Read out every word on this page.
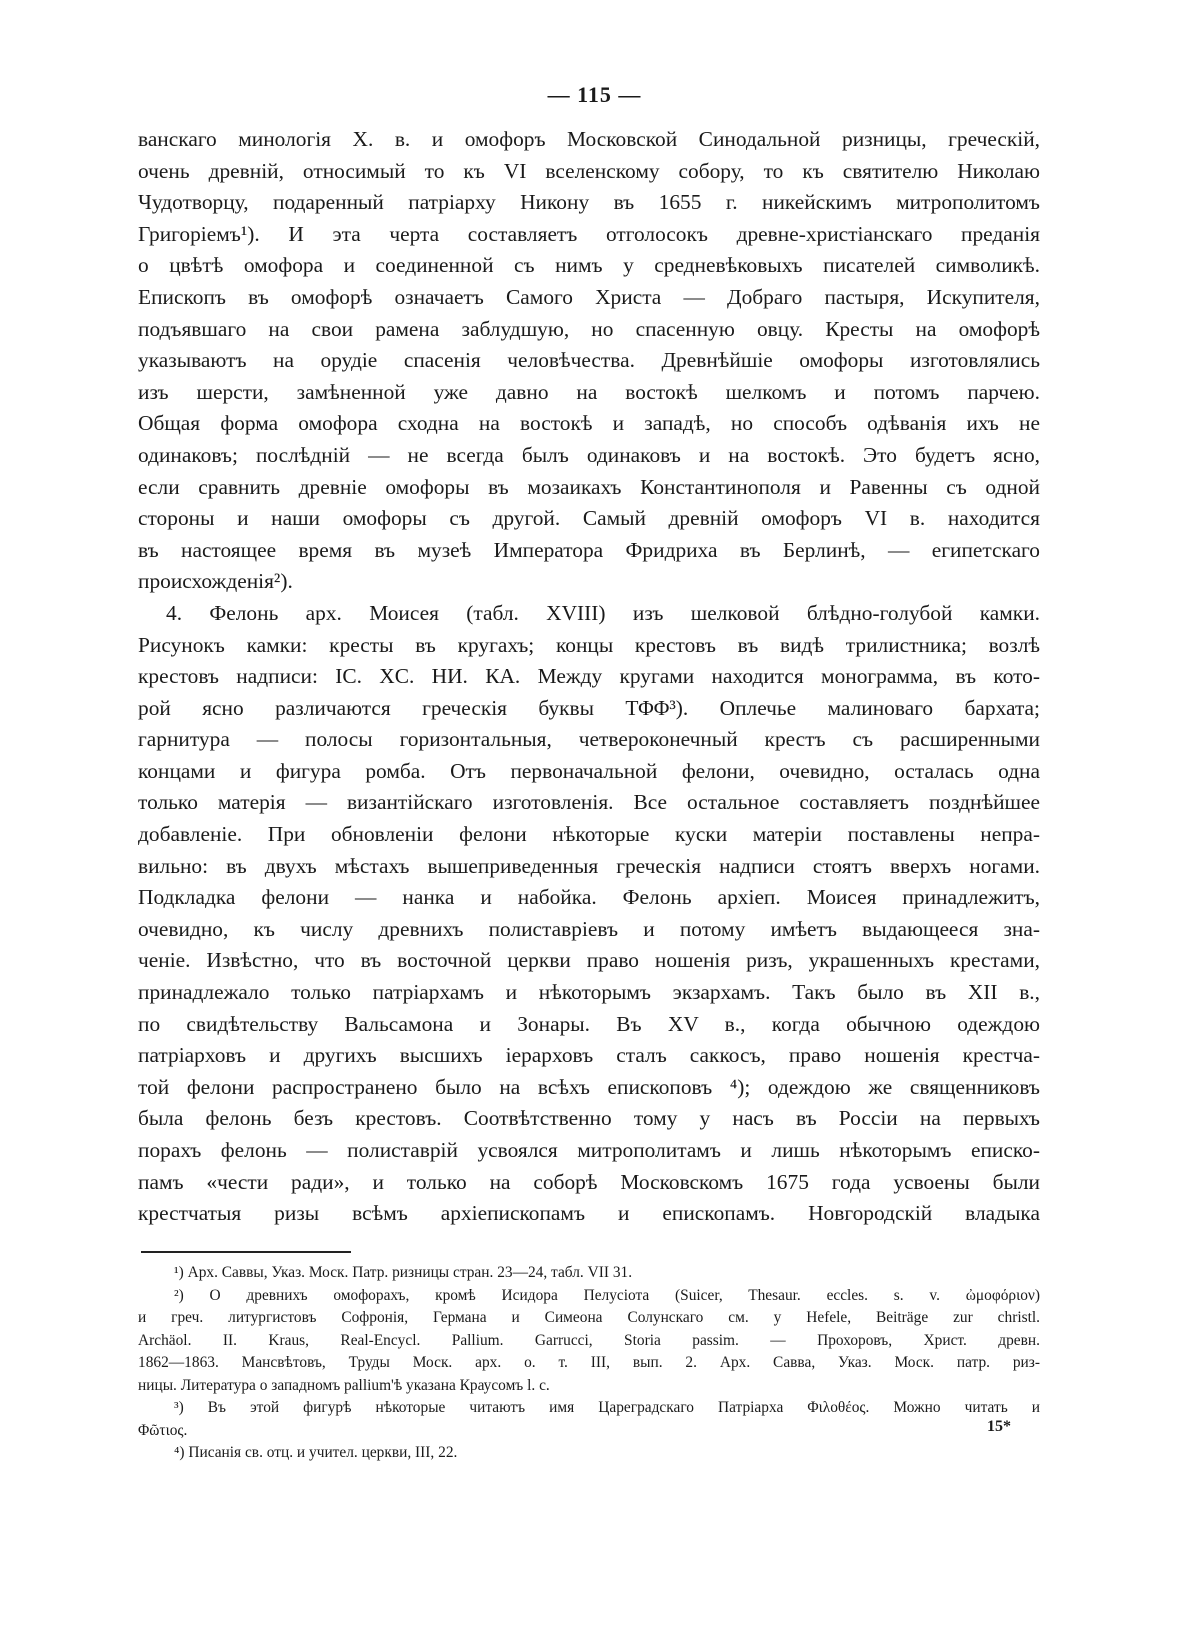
— 115 —
ванскаго минологія X. в. и омофоръ Московской Синодальной ризницы, греческій,
очень древній, относимый то къ VI вселенскому собору, то къ святителю Николаю
Чудотворцу, подаренный патріарху Никону въ 1655 г. никейскимъ митрополитомъ
Григоріемъ¹). И эта черта составляетъ отголосокъ древне-христіанскаго преданія
о цвѣтѣ омофора и соединенной съ нимъ у средневѣковыхъ писателей символикѣ.
Епископъ въ омофорѣ означаетъ Самого Христа — Добраго пастыря, Искупителя,
подъявшаго на свои рамена заблудшую, но спасенную овцу. Кресты на омофорѣ
указываютъ на орудіе спасенія человѣчества. Древнѣйшіе омофоры изготовлялись
изъ шерсти, замѣненной уже давно на востокѣ шелкомъ и потомъ парчею.
Общая форма омофора сходна на востокѣ и западѣ, но способъ одѣванія ихъ не
одинаковъ; послѣдній — не всегда былъ одинаковъ и на востокѣ. Это будетъ ясно,
если сравнить древніе омофоры въ мозаикахъ Константинополя и Равенны съ одной
стороны и наши омофоры съ другой. Самый древній омофоръ VI в. находится
въ настоящее время въ музеѣ Императора Фридриха въ Берлинѣ, — египетскаго
происхожденія²).
4. Фелонь арх. Моисея (табл. XVIII) изъ шелковой блѣдно-голубой камки.
Рисунокъ камки: кресты въ кругахъ; концы крестовъ въ видѣ трилистника; возлѣ
крестовъ надписи: IC. XC. НИ. КА. Между кругами находится монограмма, въ кото-
рой ясно различаются греческія буквы ΤΦΦ³). Оплечье малиноваго бархата;
гарнитура — полосы горизонтальныя, четвероконечный крестъ съ расширенными
концами и фигура ромба. Отъ первоначальной фелони, очевидно, осталась одна
только матерія — византійскаго изготовленія. Все остальное составляетъ позднѣйшее
добавленіе. При обновленіи фелони нѣкоторые куски матеріи поставлены непра-
вильно: въ двухъ мѣстахъ вышеприведенныя греческія надписи стоятъ вверхъ ногами.
Подкладка фелони — нанка и набойка. Фелонь архіеп. Моисея принадлежитъ,
очевидно, къ числу древнихъ полиставріевъ и потому имѣетъ выдающееся зна-
ченіе. Извѣстно, что въ восточной церкви право ношенія ризъ, украшенныхъ крестами,
принадлежало только патріархамъ и нѣкоторымъ экзархамъ. Такъ было въ XII в.,
по свидѣтельству Вальсамона и Зонары. Въ XV в., когда обычною одеждою
патріарховъ и другихъ высшихъ іерарховъ сталъ саккосъ, право ношенія крестча-
той фелони распространено было на всѣхъ епископовъ ⁴); одеждою же священниковъ
была фелонь безъ крестовъ. Соотвѣтственно тому у насъ въ Россіи на первыхъ
порахъ фелонь — полиставрій усвоялся митрополитамъ и лишь нѣкоторымъ еписко-
памъ «чести ради», и только на соборѣ Московскомъ 1675 года усвоены были
крестчатыя ризы всѣмъ архіепископамъ и епископамъ. Новгородскій владыка
¹) Арх. Саввы, Указ. Моск. Патр. ризницы стран. 23—24, табл. VII 31.
²) О древнихъ омофорахъ, кромѣ Исидора Пелусіота (Suicer, Thesaur. eccles. s. v. ὠμοφόριον)
и греч. литургистовъ Софронія, Германа и Симеона Солунскаго см. у Hefele, Beiträge zur christl.
Archäol. II. Kraus, Real-Encycl. Pallium. Garrucci, Storia passim. — Прохоровъ, Христ. древн.
1862—1863. Мансвѣтовъ, Труды Моск. арх. о. т. III, вып. 2. Арх. Савва, Указ. Моск. патр. риз-
ницы. Литература о западномъ pallium'ѣ указана Краусомъ l. c.
³) Въ этой фигурѣ нѣкоторые читаютъ имя Цареградскаго Патріарха Φιλοθέος. Можно читать и
Φῶτιος.
⁴) Писанія св. отц. и учител. церкви, III, 22.
15*
